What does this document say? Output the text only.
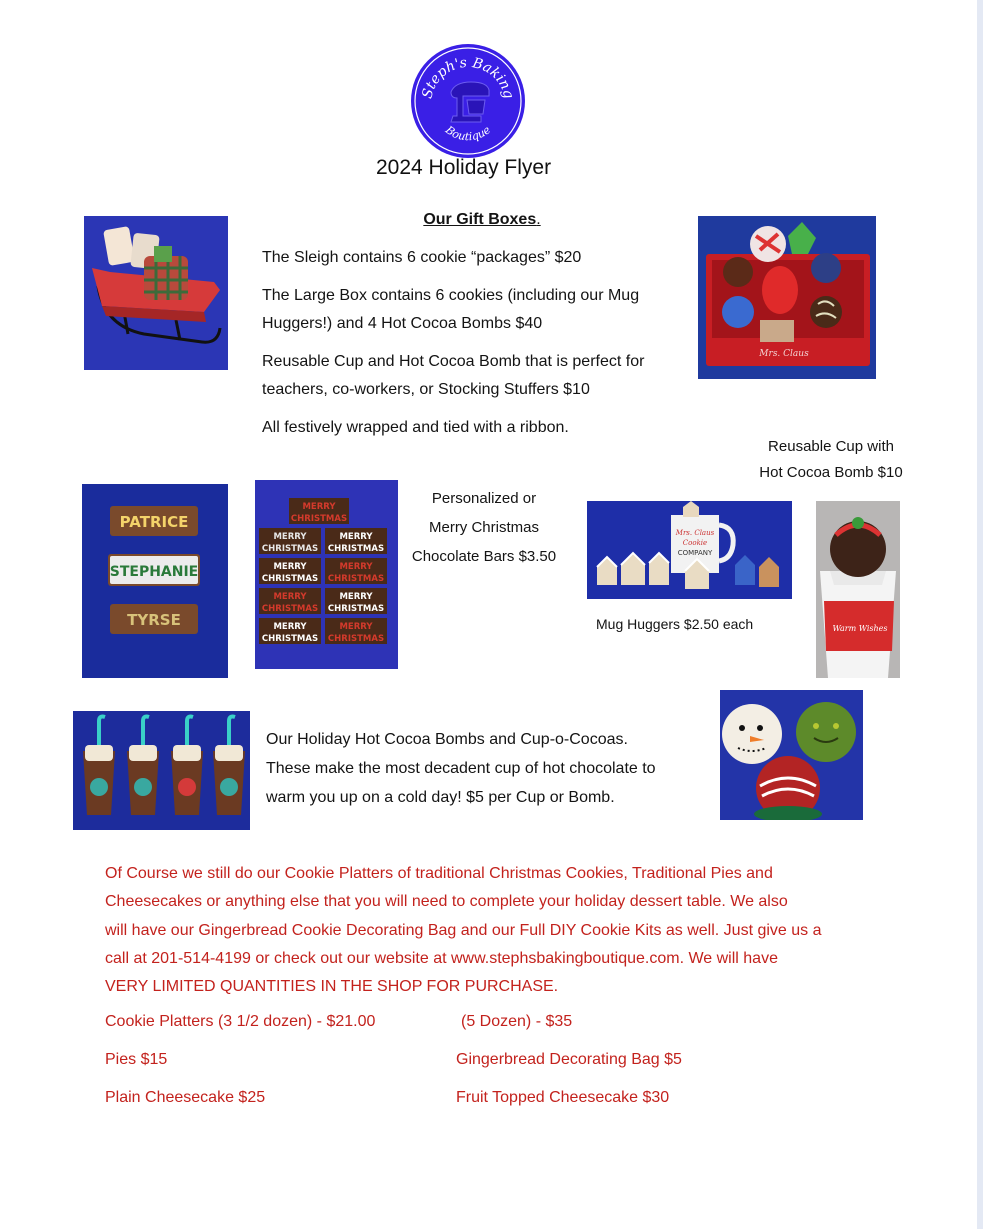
Steph's Baking
Boutique
2024 Holiday Flyer
Our Gift Boxes.
The Sleigh contains 6 cookie “packages” $20
The Large Box contains 6 cookies (including our Mug
Huggers!) and 4 Hot Cocoa Bombs $40
Reusable Cup and Hot Cocoa Bomb that is perfect for
teachers, co-workers, or Stocking Stuffers $10
All festively wrapped and tied with a ribbon.
Mrs. Claus
Reusable Cup with
Hot Cocoa Bomb $10
PATRICE
STEPHANIE
TYRSE
MERRY
CHRISTMAS
MERRY
CHRISTMAS
MERRY
CHRISTMAS
MERRY
CHRISTMAS
MERRY
CHRISTMAS
MERRY
CHRISTMAS
MERRY
CHRISTMAS
MERRY
CHRISTMAS
MERRY
CHRISTMAS
Personalized or
Merry Christmas
Chocolate Bars $3.50
Mrs. Claus
Cookie
COMPANY
Mug Huggers $2.50 each	Warm Wishes
Our Holiday Hot Cocoa Bombs and Cup-o-Cocoas.
These make the most decadent cup of hot chocolate to
warm you up on a cold day! $5 per Cup or Bomb.
Of Course we still do our Cookie Platters of traditional Christmas Cookies, Traditional Pies and
Cheesecakes or anything else that you will need to complete your holiday dessert table. We also
will have our Gingerbread Cookie Decorating Bag and our Full DIY Cookie Kits as well. Just give us a
call at 201-514-4199 or check out our website at www.stephsbakingboutique.com. We will have
VERY LIMITED QUANTITIES IN THE SHOP FOR PURCHASE.
Cookie Platters (3 1/2 dozen) - $21.00	(5 Dozen) - $35
Pies $15	Gingerbread Decorating Bag $5
Plain Cheesecake $25	Fruit Topped Cheesecake $30
